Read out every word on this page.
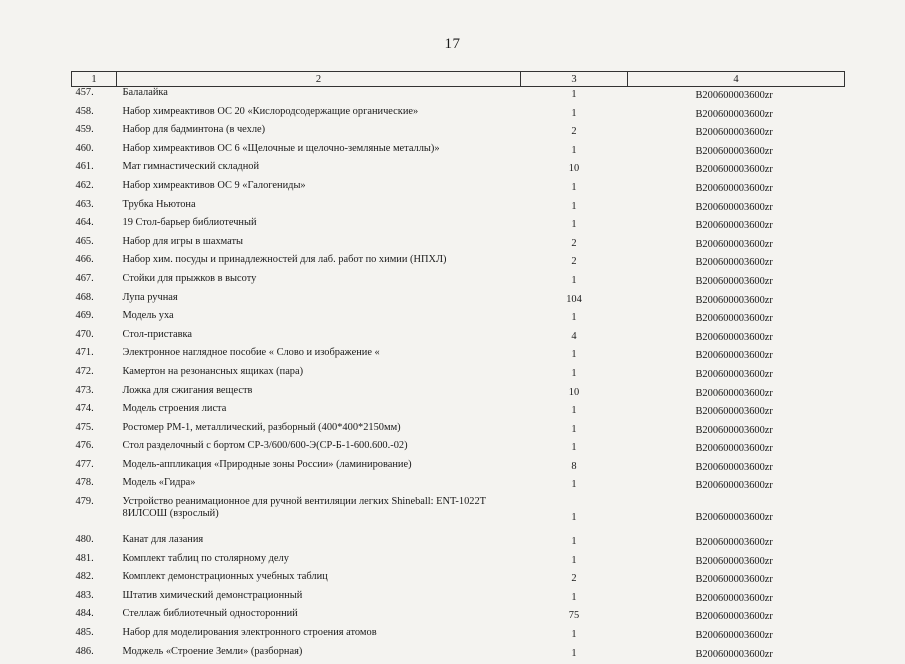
17
1	2	3	4
457.	Балалайка	1	B200600003600zr
458.	Набор химреактивов ОС 20 «Кислородсодержащие органические»	1	B200600003600zr
459.	Набор для бадминтона (в чехле)	2	B200600003600zr
460.	Набор химреактивов ОС 6 «Щелочные и щелочно-земляные металлы)»	1	B200600003600zr
461.	Мат гимнастический складной	10	B200600003600zr
462.	Набор химреактивов ОС 9 «Галогениды»	1	B200600003600zr
463.	Трубка Ньютона	1	B200600003600zr
464.	19 Стол-барьер библиотечный	1	B200600003600zr
465.	Набор для игры в шахматы	2	B200600003600zr
466.	Набор хим. посуды и принадлежностей для лаб. работ по химии (НПХЛ)	2	B200600003600zr
467.	Стойки для прыжков в высоту	1	B200600003600zr
468.	Лупа ручная	104	B200600003600zr
469.	Модель уха	1	B200600003600zr
470.	Стол-приставка	4	B200600003600zr
471.	Электронное наглядное пособие « Слово и изображение «	1	B200600003600zr
472.	Камертон на резонансных ящиках (пара)	1	B200600003600zr
473.	Ложка для сжигания веществ	10	B200600003600zr
474.	Модель строения листа	1	B200600003600zr
475.	Ростомер РМ-1, металлический, разборный (400*400*2150мм)	1	B200600003600zr
476.	Стол разделочный с бортом СР-3/600/600-Э(СР-Б-1-600.600.-02)	1	B200600003600zr
477.	Модель-аппликация «Природные зоны России» (ламинирование)	8	B200600003600zr
478.	Модель «Гидра»	1	B200600003600zr
479.	Устройство реанимационное для ручной вентиляции легких Shineball: ENT-1022T 8ИЛСОШ (взрослый)	1	B200600003600zr
480.	Канат для лазания	1	B200600003600zr
481.	Комплект таблиц по столярному делу	1	B200600003600zr
482.	Комплект демонстрационных учебных таблиц	2	B200600003600zr
483.	Штатив химический демонстрационный	1	B200600003600zr
484.	Стеллаж библиотечный односторонний	75	B200600003600zr
485.	Набор для моделирования электронного строения атомов	1	B200600003600zr
486.	Моджель «Строение Земли» (разборная)	1	B200600003600zr
